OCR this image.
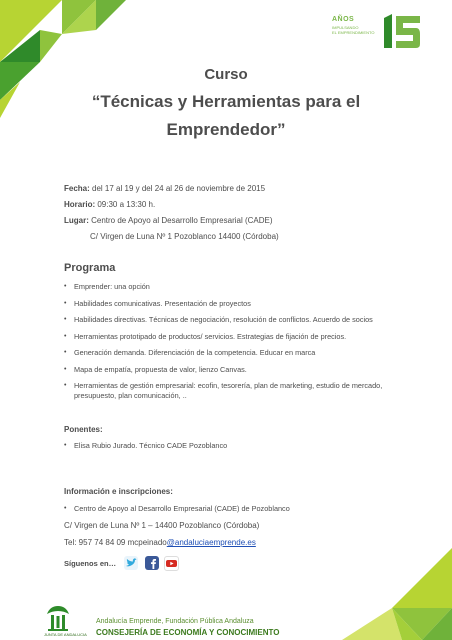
AÑOS
IMPULSANDO
EL EMPRENDIMIENTO
Curso
“Técnicas y Herramientas para el
Emprendedor”
Fecha: del 17 al 19 y del 24 al 26 de noviembre de 2015
Horario: 09:30 a 13:30 h.
Lugar: Centro de Apoyo al Desarrollo Empresarial (CADE)
C/ Virgen de Luna Nº 1 Pozoblanco 14400 (Córdoba)
Programa
• Emprender: una opción
• Habilidades comunicativas. Presentación de proyectos
• Habilidades directivas. Técnicas de negociación, resolución de conflictos. Acuerdo de socios
• Herramientas prototipado de productos/ servicios. Estrategias de fijación de precios.
• Generación demanda. Diferenciación de la competencia. Educar en marca
• Mapa de empatía, propuesta de valor, lienzo Canvas.
• Herramientas de gestión empresarial: ecofin, tesorería, plan de marketing, estudio de mercado, presupuesto, plan comunicación, ..
Ponentes:
• Elisa Rubio Jurado. Técnico CADE Pozoblanco
Información e inscripciones:
• Centro de Apoyo al Desarrollo Empresarial (CADE) de Pozoblanco
C/ Virgen de Luna Nº 1 – 14400 Pozoblanco (Córdoba)
Tel: 957 74 84 09 mcpeinado@andaluciaemprende.es
Síguenos en…
JUNTA DE ANDALUCIA
Andalucía Emprende, Fundación Pública Andaluza
CONSEJERÍA DE ECONOMÍA Y CONOCIMIENTO
